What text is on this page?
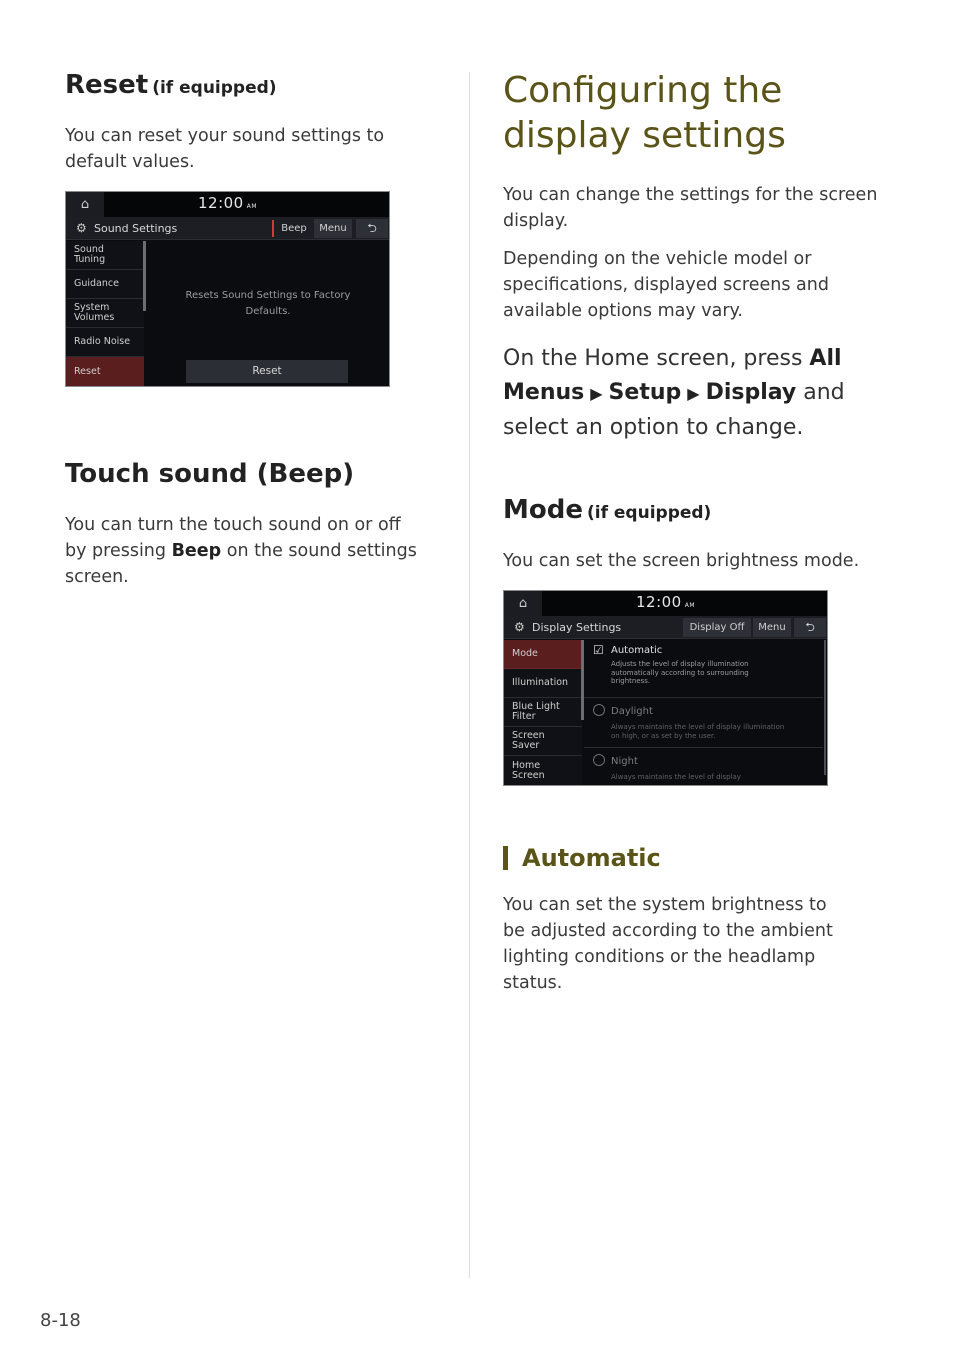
Reset (if equipped)

You can reset your sound settings to default values.

⌂	12:00 AM
⚙ Sound Settings	Beep	Menu	⮌
Sound Tuning
Guidance
System Volumes
Radio Noise
Reset
Resets Sound Settings to Factory Defaults.
Reset
Touch sound (Beep)

You can turn the touch sound on or off by pressing Beep on the sound settings screen.

Configuring the
display settings

You can change the settings for the screen display.

Depending on the vehicle model or specifications, displayed screens and available options may vary.

On the Home screen, press All Menus ▶ Setup ▶ Display and select an option to change.

Mode (if equipped)

You can set the screen brightness mode.

⌂	12:00 AM
⚙ Display Settings	Display Off	Menu	⮌
Mode
Illumination
Blue Light Filter
Screen Saver
Home Screen
☑ Automatic
Adjusts the level of display illumination automatically according to surrounding brightness.
Daylight
Always maintains the level of display illumination on high, or as set by the user.
Night
Always maintains the level of display
Automatic

You can set the system brightness to be adjusted according to the ambient lighting conditions or the headlamp status.

8-18
